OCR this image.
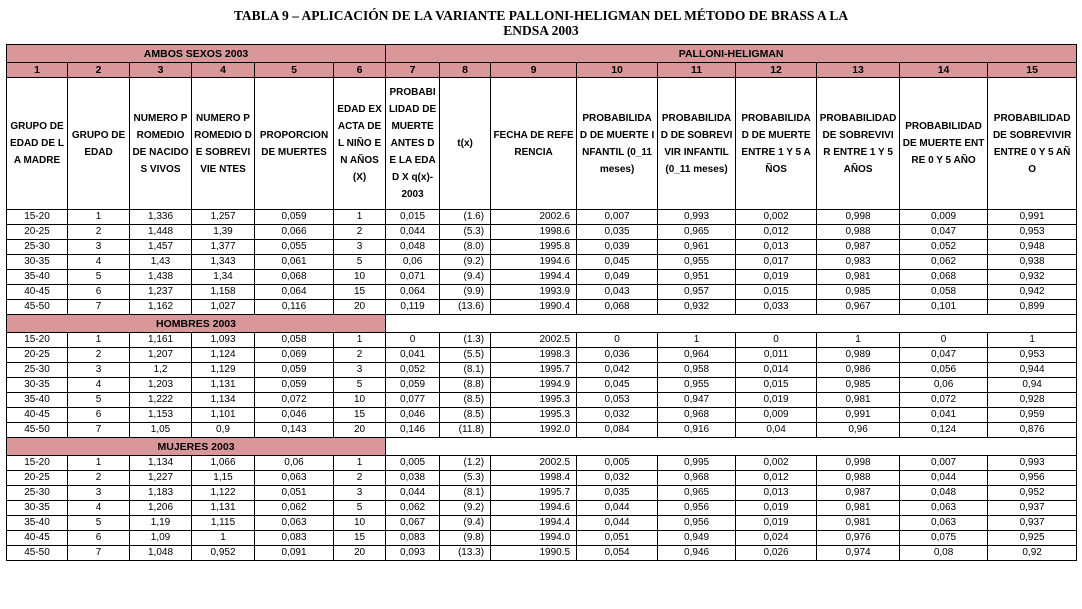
TABLA 9 – APLICACIÓN DE LA VARIANTE PALLONI-HELIGMAN DEL MÉTODO DE BRASS A LA
ENDSA 2003
AMBOS SEXOS 2003						PALLONI-HELIGMAN								
1	2	3	4	5	6	7	8	9	10	11	12	13	14	15
GRUPO DE EDAD DE LA MADRE	GRUPO DE EDAD	NUMERO PROMEDIO DE NACIDOS VIVOS	NUMERO PROMEDIO DE SOBREVIVIE NTES	PROPORCION DE MUERTES	EDAD EXACTA DEL NIÑO EN AÑOS (X)	PROBABI LIDAD DE MUERTE ANTES DE LA EDAD X q(x)- 2003	t(x)	FECHA DE REFERENCIA	PROBABILIDAD DE MUERTE INFANTIL (0_11 meses)	PROBABILIDAD DE SOBREVIVIR INFANTIL (0_11 meses)	PROBABILIDAD DE MUERTE ENTRE 1 Y 5 AÑOS	PROBABILIDAD DE SOBREVIVIR ENTRE 1 Y 5 AÑOS	PROBABILIDAD DE MUERTE ENTRE 0 Y 5 AÑO	PROBABILIDAD DE SOBREVIVIR ENTRE 0 Y 5 AÑO
15-20	1	1,336	1,257	0,059	1	0,015	(1.6)	2002.6	0,007	0,993	0,002	0,998	0,009	0,991
20-25	2	1,448	1,39	0,066	2	0,044	(5.3)	1998.6	0,035	0,965	0,012	0,988	0,047	0,953
25-30	3	1,457	1,377	0,055	3	0,048	(8.0)	1995.8	0,039	0,961	0,013	0,987	0,052	0,948
30-35	4	1,43	1,343	0,061	5	0,06	(9.2)	1994.6	0,045	0,955	0,017	0,983	0,062	0,938
35-40	5	1,438	1,34	0,068	10	0,071	(9.4)	1994.4	0,049	0,951	0,019	0,981	0,068	0,932
40-45	6	1,237	1,158	0,064	15	0,064	(9.9)	1993.9	0,043	0,957	0,015	0,985	0,058	0,942
45-50	7	1,162	1,027	0,116	20	0,119	(13.6)	1990.4	0,068	0,932	0,033	0,967	0,101	0,899
HOMBRES 2003														
15-20	1	1,161	1,093	0,058	1	0	(1.3)	2002.5	0	1	0	1	0	1
20-25	2	1,207	1,124	0,069	2	0,041	(5.5)	1998.3	0,036	0,964	0,011	0,989	0,047	0,953
25-30	3	1,2	1,129	0,059	3	0,052	(8.1)	1995.7	0,042	0,958	0,014	0,986	0,056	0,944
30-35	4	1,203	1,131	0,059	5	0,059	(8.8)	1994.9	0,045	0,955	0,015	0,985	0,06	0,94
35-40	5	1,222	1,134	0,072	10	0,077	(8.5)	1995.3	0,053	0,947	0,019	0,981	0,072	0,928
40-45	6	1,153	1,101	0,046	15	0,046	(8.5)	1995.3	0,032	0,968	0,009	0,991	0,041	0,959
45-50	7	1,05	0,9	0,143	20	0,146	(11.8)	1992.0	0,084	0,916	0,04	0,96	0,124	0,876
MUJERES 2003														
15-20	1	1,134	1,066	0,06	1	0,005	(1.2)	2002.5	0,005	0,995	0,002	0,998	0,007	0,993
20-25	2	1,227	1,15	0,063	2	0,038	(5.3)	1998.4	0,032	0,968	0,012	0,988	0,044	0,956
25-30	3	1,183	1,122	0,051	3	0,044	(8.1)	1995.7	0,035	0,965	0,013	0,987	0,048	0,952
30-35	4	1,206	1,131	0,062	5	0,062	(9.2)	1994.6	0,044	0,956	0,019	0,981	0,063	0,937
35-40	5	1,19	1,115	0,063	10	0,067	(9.4)	1994.4	0,044	0,956	0,019	0,981	0,063	0,937
40-45	6	1,09	1	0,083	15	0,083	(9.8)	1994.0	0,051	0,949	0,024	0,976	0,075	0,925
45-50	7	1,048	0,952	0,091	20	0,093	(13.3)	1990.5	0,054	0,946	0,026	0,974	0,08	0,92
